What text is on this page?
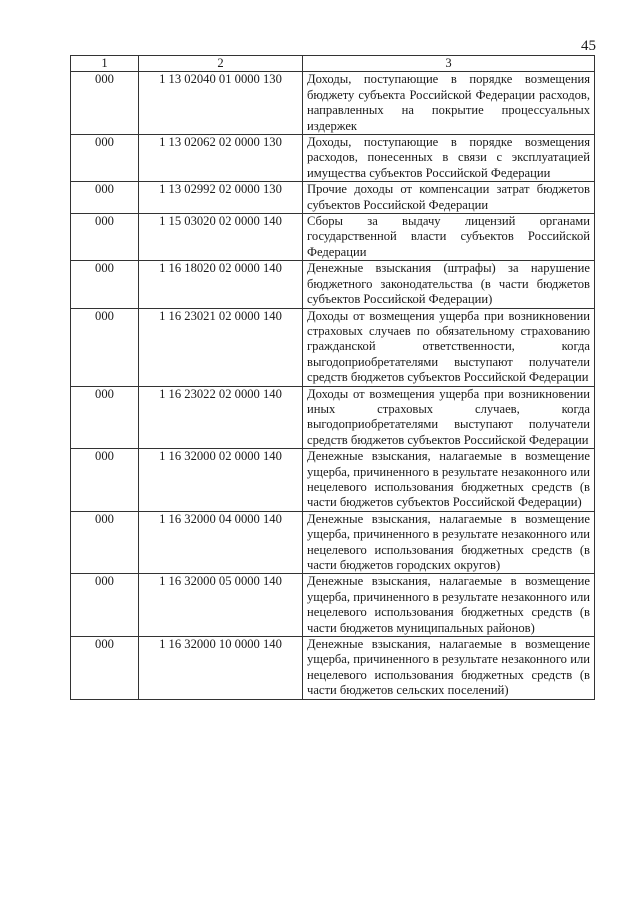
45
1	2	3
000	1 13 02040 01 0000 130	Доходы, поступающие в порядке возмещения бюджету субъекта Российской Федерации расходов, направленных на покрытие процессуальных издержек
000	1 13 02062 02 0000 130	Доходы, поступающие в порядке возмещения расходов, понесенных в связи с эксплуатацией имущества субъектов Российской Федерации
000	1 13 02992 02 0000 130	Прочие доходы от компенсации затрат бюджетов субъектов Российской Федерации
000	1 15 03020 02 0000 140	Сборы за выдачу лицензий органами государственной власти субъектов Российской Федерации
000	1 16 18020 02 0000 140	Денежные взыскания (штрафы) за нарушение бюджетного законодательства (в части бюджетов субъектов Российской Федерации)
000	1 16 23021 02 0000 140	Доходы от возмещения ущерба при возникновении страховых случаев по обязательному страхованию гражданской ответственности, когда выгодоприобретателями выступают получатели средств бюджетов субъектов Российской Федерации
000	1 16 23022 02 0000 140	Доходы от возмещения ущерба при возникновении иных страховых случаев, когда выгодоприобретателями выступают получатели средств бюджетов субъектов Российской Федерации
000	1 16 32000 02 0000 140	Денежные взыскания, налагаемые в возмещение ущерба, причиненного в результате незаконного или нецелевого использования бюджетных средств (в части бюджетов субъектов Российской Федерации)
000	1 16 32000 04 0000 140	Денежные взыскания, налагаемые в возмещение ущерба, причиненного в результате незаконного или нецелевого использования бюджетных средств (в части бюджетов городских округов)
000	1 16 32000 05 0000 140	Денежные взыскания, налагаемые в возмещение ущерба, причиненного в результате незаконного или нецелевого использования бюджетных средств (в части бюджетов муниципальных районов)
000	1 16 32000 10 0000 140	Денежные взыскания, налагаемые в возмещение ущерба, причиненного в результате незаконного или нецелевого использования бюджетных средств (в части бюджетов сельских поселений)
